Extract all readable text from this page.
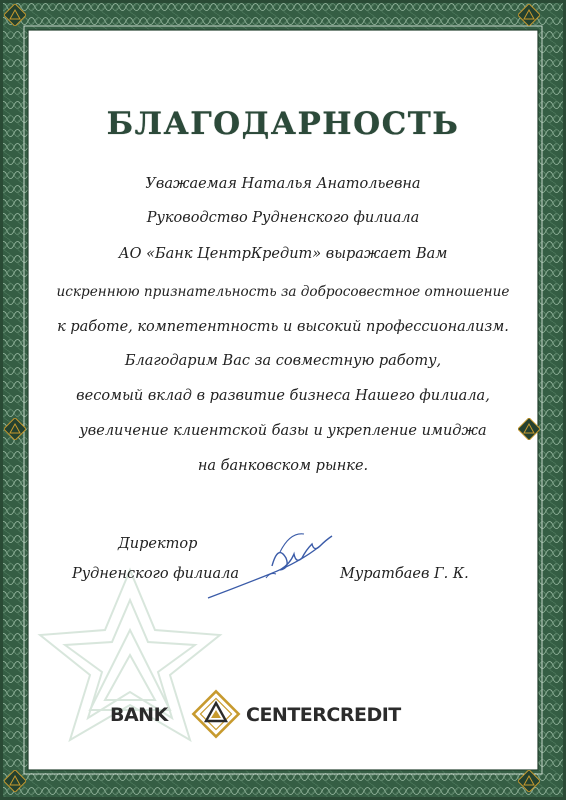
БЛАГОДАРНОСТЬ
Уважаемая Наталья Анатольевна
Руководство Рудненского филиала
АО «Банк ЦентрКредит» выражает Вам
искреннюю признательность за добросовестное отношение
к работе, компетентность и высокий профессионализм.
Благодарим Вас за совместную работу,
весомый вклад в развитие бизнеса Нашего филиала,
увеличение клиентской базы и укрепление имиджа
на банковском рынке.
Директор
Рудненского филиала	Муратбаев Г. К.
BANK	CENTERCREDIT
